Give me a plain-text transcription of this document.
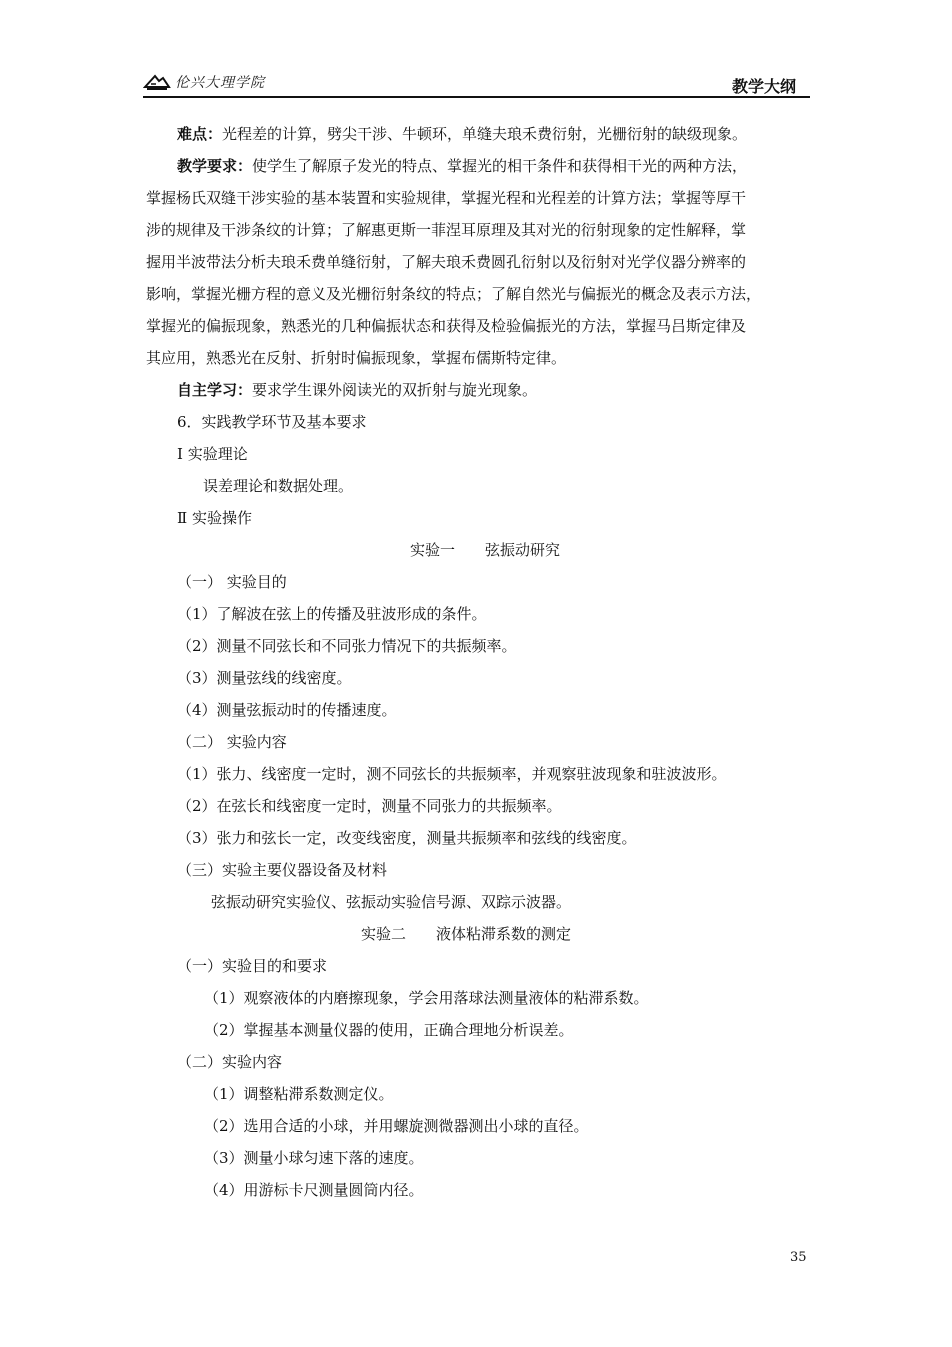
伦兴大理学院	教学大纲
难点：光程差的计算，劈尖干涉、牛顿环，单缝夫琅禾费衍射，光栅衍射的缺级现象。
教学要求：使学生了解原子发光的特点、掌握光的相干条件和获得相干光的两种方法，
掌握杨氏双缝干涉实验的基本装置和实验规律，掌握光程和光程差的计算方法；掌握等厚干
涉的规律及干涉条纹的计算；了解惠更斯一菲涅耳原理及其对光的衍射现象的定性解释，掌
握用半波带法分析夫琅禾费单缝衍射，了解夫琅禾费圆孔衍射以及衍射对光学仪器分辨率的
影响，掌握光栅方程的意义及光栅衍射条纹的特点；了解自然光与偏振光的概念及表示方法，
掌握光的偏振现象，熟悉光的几种偏振状态和获得及检验偏振光的方法，掌握马吕斯定律及
其应用，熟悉光在反射、折射时偏振现象，掌握布儒斯特定律。
自主学习：要求学生课外阅读光的双折射与旋光现象。
6．实践教学环节及基本要求
Ⅰ 实验理论
误差理论和数据处理。
Ⅱ 实验操作
实验一　　弦振动研究
（一） 实验目的
（1）了解波在弦上的传播及驻波形成的条件。
（2）测量不同弦长和不同张力情况下的共振频率。
（3）测量弦线的线密度。
（4）测量弦振动时的传播速度。
（二） 实验内容
（1）张力、线密度一定时，测不同弦长的共振频率，并观察驻波现象和驻波波形。
（2）在弦长和线密度一定时，测量不同张力的共振频率。
（3）张力和弦长一定，改变线密度，测量共振频率和弦线的线密度。
（三）实验主要仪器设备及材料
弦振动研究实验仪、弦振动实验信号源、双踪示波器。
实验二　　液体粘滞系数的测定
（一）实验目的和要求
（1）观察液体的内磨擦现象，学会用落球法测量液体的粘滞系数。
（2）掌握基本测量仪器的使用，正确合理地分析误差。
（二）实验内容
（1）调整粘滞系数测定仪。
（2）选用合适的小球，并用螺旋测微器测出小球的直径。
（3）测量小球匀速下落的速度。
（4）用游标卡尺测量圆筒内径。
35
